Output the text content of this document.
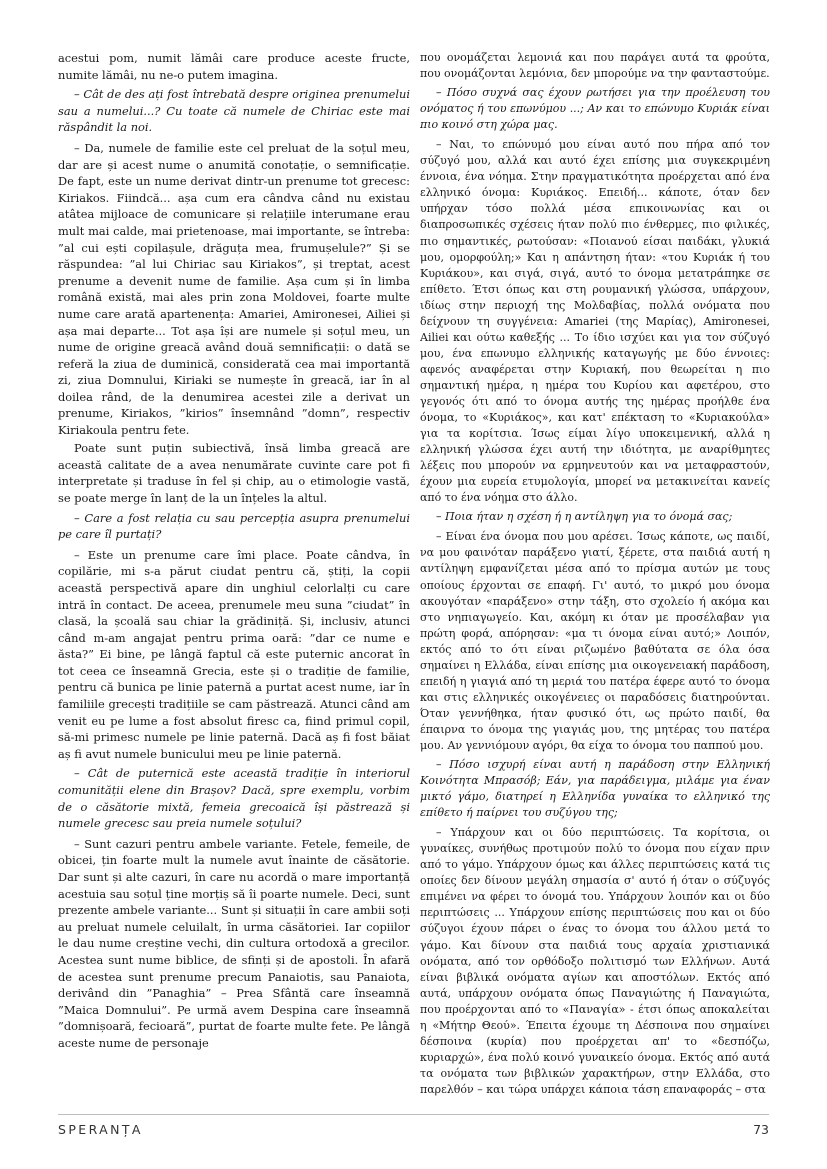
acestui pom, numit lămâi care produce aceste fructe, numite lămâi, nu ne-o putem imagina.

– Cât de des ați fost întrebată despre originea prenumelui sau a numelui...? Cu toate că numele de Chiriac este mai răspândit la noi.

– Da, numele de familie este cel preluat de la soțul meu, dar are și acest nume o anumită conotație, o semnificație. De fapt, este un nume derivat dintr-un prenume tot grecesc: Kiriakos. Fiindcă... așa cum era cândva când nu existau atâtea mijloace de comunicare și relațiile interumane erau mult mai calde, mai prietenoase, mai importante, se întreba: ”al cui ești copilașule, drăguța mea, frumușelule?” Și se răspundea: ”al lui Chiriac sau Kiriakos”, și treptat, acest prenume a devenit nume de familie. Așa cum și în limba română există, mai ales prin zona Moldovei, foarte multe nume care arată apartenența: Amariei, Amironesei, Ailiei și așa mai departe... Tot așa își are numele și soțul meu, un nume de origine greacă având două semnificații: o dată se referă la ziua de duminică, considerată cea mai importantă zi, ziua Domnului, Kiriaki se numește în greacă, iar în al doilea rând, de la denumirea acestei zile a derivat un prenume, Kiriakos, ”kirios” însemnând ”domn”, respectiv Kiriakoula pentru fete.

Poate sunt puțin subiectivă, însă limba greacă are această calitate de a avea nenumărate cuvinte care pot fi interpretate și traduse în fel și chip, au o etimologie vastă, se poate merge în lanț de la un înțeles la altul.

– Care a fost relația cu sau percepția asupra prenumelui pe care îl purtați?

– Este un prenume care îmi place. Poate cândva, în copilărie, mi s-a părut ciudat pentru că, știți, la copii această perspectivă apare din unghiul celorlalți cu care intră în contact. De aceea, prenumele meu suna ”ciudat” în clasă, la școală sau chiar la grădiniță. Și, inclusiv, atunci când m-am angajat pentru prima oară: ”dar ce nume e ăsta?” Ei bine, pe lângă faptul că este puternic ancorat în tot ceea ce înseamnă Grecia, este și o tradiție de familie, pentru că bunica pe linie paternă a purtat acest nume, iar în familiile grecești tradițiile se cam păstrează. Atunci când am venit eu pe lume a fost absolut firesc ca, fiind primul copil, să-mi primesc numele pe linie paternă. Dacă aș fi fost băiat aș fi avut numele bunicului meu pe linie paternă.

– Cât de puternică este această tradiție în interiorul comunității elene din Brașov? Dacă, spre exemplu, vorbim de o căsătorie mixtă, femeia grecoaică își păstrează și numele grecesc sau preia numele soțului?

– Sunt cazuri pentru ambele variante. Fetele, femeile, de obicei, țin foarte mult la numele avut înainte de căsătorie. Dar sunt și alte cazuri, în care nu acordă o mare importanță acestuia sau soțul ține morțiș să îi poarte numele. Deci, sunt prezente ambele variante... Sunt și situații în care ambii soți au preluat numele celuilalt, în urma căsătoriei. Iar copiilor le dau nume creștine vechi, din cultura ortodoxă a grecilor. Acestea sunt nume biblice, de sfinți și de apostoli. În afară de acestea sunt prenume precum Panaiotis, sau Panaiota, derivând din ”Panaghia” – Prea Sfântă care înseamnă ”Maica Domnului”. Pe urmă avem Despina care înseamnă ”domnișoară, fecioară”, purtat de foarte multe fete. Pe lângă aceste nume de personaje

που ονομάζεται λεμονιά και που παράγει αυτά τα φρούτα, που ονομάζονται λεμόνια, δεν μπορούμε να την φανταστούμε.

– Πόσο συχνά σας έχουν ρωτήσει για την προέλευση του ονόματος ή του επωνύμου ...; Αν και το επώνυμο Κυριάκ είναι πιο κοινό στη χώρα μας.

– Ναι, το επώνυμό μου είναι αυτό που πήρα από τον σύζυγό μου, αλλά και αυτό έχει επίσης μια συγκεκριμένη έννοια, ένα νόημα. Στην πραγματικότητα προέρχεται από ένα ελληνικό όνομα: Κυριάκος. Επειδή... κάποτε, όταν δεν υπήρχαν τόσο πολλά μέσα επικοινωνίας και οι διαπροσωπικές σχέσεις ήταν πολύ πιο ένθερμες, πιο φιλικές, πιο σημαντικές, ρωτούσαν: «Ποιανού είσαι παιδάκι, γλυκιά μου, ομορφούλη;» Και η απάντηση ήταν: «του Κυριάκ ή του Κυριάκου», και σιγά, σιγά, αυτό το όνομα μετατράπηκε σε επίθετο. Έτσι όπως και στη ρουμανική γλώσσα, υπάρχουν, ιδίως στην περιοχή της Μολδαβίας, πολλά ονόματα που δείχνουν τη συγγένεια: Amariei (της Μαρίας), Amironesei, Ailiei και ούτω καθεξής ... Το ίδιο ισχύει και για τον σύζυγό μου, ένα επωνυμο ελληνικής καταγωγής με δύο έννοιες: αφενός αναφέρεται στην Κυριακή, που θεωρείται η πιο σημαντική ημέρα, η ημέρα του Κυρίου και αφετέρου, στο γεγονός ότι από το όνομα αυτής της ημέρας προήλθε ένα όνομα, το «Κυριάκος», και κατ' επέκταση το «Κυριακούλα» για τα κορίτσια. Ίσως είμαι λίγο υποκειμενική, αλλά η ελληνική γλώσσα έχει αυτή την ιδιότητα, με αναρίθμητες λέξεις που μπορούν να ερμηνευτούν και να μεταφραστούν, έχουν μια ευρεία ετυμολογία, μπορεί να μετακινείται κανείς από το ένα νόημα στο άλλο.

– Ποια ήταν η σχέση ή η αντίληψη για το όνομά σας;

– Είναι ένα όνομα που μου αρέσει. Ίσως κάποτε, ως παιδί, να μου φαινόταν παράξενο γιατί, ξέρετε, στα παιδιά αυτή η αντίληψη εμφανίζεται μέσα από το πρίσμα αυτών με τους οποίους έρχονται σε επαφή. Γι' αυτό, το μικρό μου όνομα ακουγόταν «παράξενο» στην τάξη, στο σχολείο ή ακόμα και στο νηπιαγωγείο. Και, ακόμη κι όταν με προσέλαβαν για πρώτη φορά, απόρησαν: «μα τι όνομα είναι αυτό;» Λοιπόν, εκτός από το ότι είναι ριζωμένο βαθύτατα σε όλα όσα σημαίνει η Ελλάδα, είναι επίσης μια οικογενειακή παράδοση, επειδή η γιαγιά από τη μεριά του πατέρα έφερε αυτό το όνομα και στις ελληνικές οικογένειες οι παραδόσεις διατηρούνται. Όταν γεννήθηκα, ήταν φυσικό ότι, ως πρώτο παιδί, θα έπαιρνα το όνομα της γιαγιάς μου, της μητέρας του πατέρα μου. Αν γεννιόμουν αγόρι, θα είχα το όνομα του παππού μου.

– Πόσο ισχυρή είναι αυτή η παράδοση στην Ελληνική Κοινότητα Μπρασόβ; Εάν, για παράδειγμα, μιλάμε για έναν μικτό γάμο, διατηρεί η Ελληνίδα γυναίκα το ελληνικό της επίθετο ή παίρνει του συζύγου της;

– Υπάρχουν και οι δύο περιπτώσεις. Τα κορίτσια, οι γυναίκες, συνήθως προτιμούν πολύ το όνομα που είχαν πριν από το γάμο. Υπάρχουν όμως και άλλες περιπτώσεις κατά τις οποίες δεν δίνουν μεγάλη σημασία σ' αυτό ή όταν ο σύζυγός επιμένει να φέρει το όνομά του. Υπάρχουν λοιπόν και οι δύο περιπτώσεις ... Υπάρχουν επίσης περιπτώσεις που και οι δύο σύζυγοι έχουν πάρει ο ένας το όνομα του άλλου μετά το γάμο. Και δίνουν στα παιδιά τους αρχαία χριστιανικά ονόματα, από τον ορθόδοξο πολιτισμό των Ελλήνων. Αυτά είναι βιβλικά ονόματα αγίων και αποστόλων. Εκτός από αυτά, υπάρχουν ονόματα όπως Παναγιώτης ή Παναγιώτα, που προέρχονται από το «Παναγία» - έτσι όπως αποκαλείται η «Μήτηρ Θεού». Έπειτα έχουμε τη Δέσποινα που σημαίνει δέσποινα (κυρία) που προέρχεται απ' το «δεσπόζω, κυριαρχώ», ένα πολύ κοινό γυναικείο όνομα. Εκτός από αυτά τα ονόματα των βιβλικών χαρακτήρων, στην Ελλάδα, στο παρελθόν – και τώρα υπάρχει κάποια τάση επαναφοράς – στα

SPERANȚA	73
